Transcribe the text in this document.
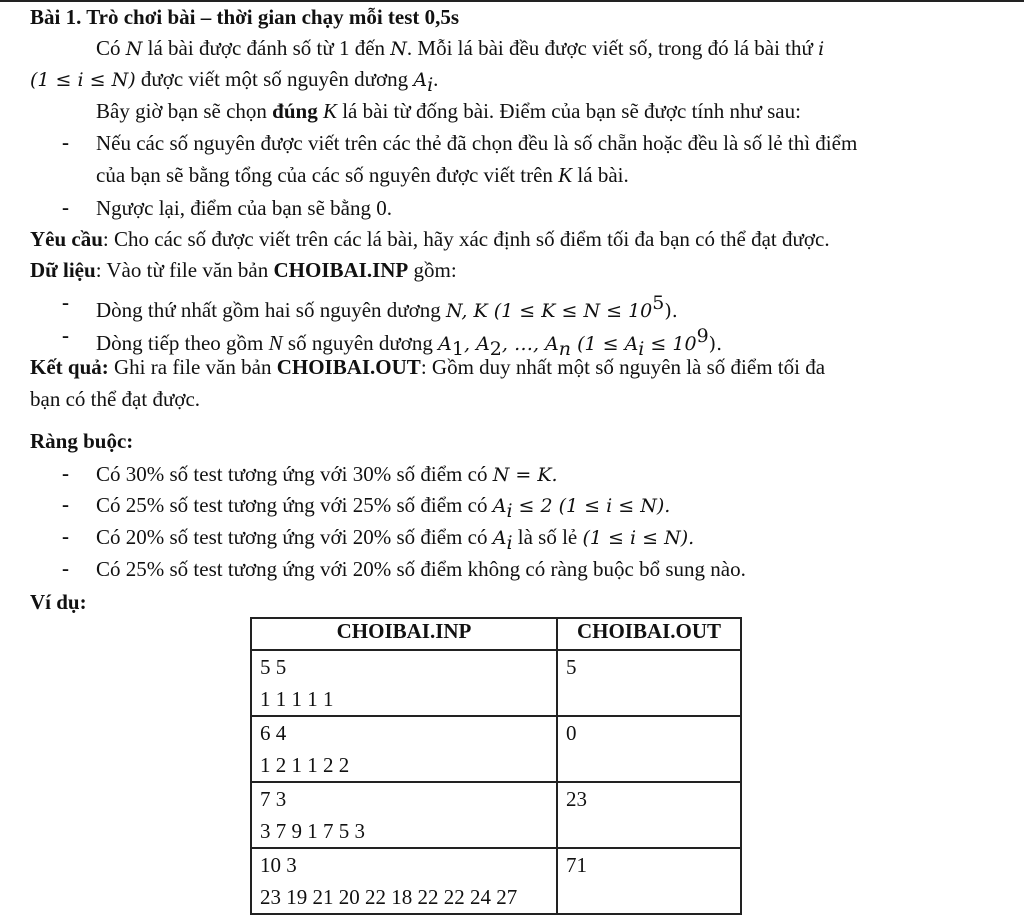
Bài 1. Trò chơi bài – thời gian chạy mỗi test 0,5s
Có N lá bài được đánh số từ 1 đến N. Mỗi lá bài đều được viết số, trong đó lá bài thứ i
(1 ≤ i ≤ N) được viết một số nguyên dương $A_i$.
Bây giờ bạn sẽ chọn đúng K lá bài từ đống bài. Điểm của bạn sẽ được tính như sau:
- Nếu các số nguyên được viết trên các thẻ đã chọn đều là số chẵn hoặc đều là số lẻ thì điểm
của bạn sẽ bằng tổng của các số nguyên được viết trên K lá bài.
- Ngược lại, điểm của bạn sẽ bằng 0.
Yêu cầu: Cho các số được viết trên các lá bài, hãy xác định số điểm tối đa bạn có thể đạt được.
Dữ liệu: Vào từ file văn bản CHOIBAI.INP gồm:
- Dòng thứ nhất gồm hai số nguyên dương N, K $(1 \le K \le N \le 10^5)$.
- Dòng tiếp theo gồm N số nguyên dương $A_1$, $A_2$, …, $A_n$ $(1 \le A_i \le 10^9)$.
Kết quả: Ghi ra file văn bản CHOIBAI.OUT: Gồm duy nhất một số nguyên là số điểm tối đa
bạn có thể đạt được.
Ràng buộc:
- Có 30% số test tương ứng với 30% số điểm có N = K.
- Có 25% số test tương ứng với 25% số điểm có $A_i \le 2$ (1 ≤ i ≤ N).
- Có 20% số test tương ứng với 20% số điểm có $A_i$ là số lẻ (1 ≤ i ≤ N).
- Có 25% số test tương ứng với 20% số điểm không có ràng buộc bổ sung nào.
Ví dụ:
CHOIBAI.INP	CHOIBAI.OUT

5 5
1 1 1 1 1	5

6 4
1 2 1 1 2 2	0

7 3
3 7 9 1 7 5 3	23

10 3
23 19 21 20 22 18 22 22 24 27	71
